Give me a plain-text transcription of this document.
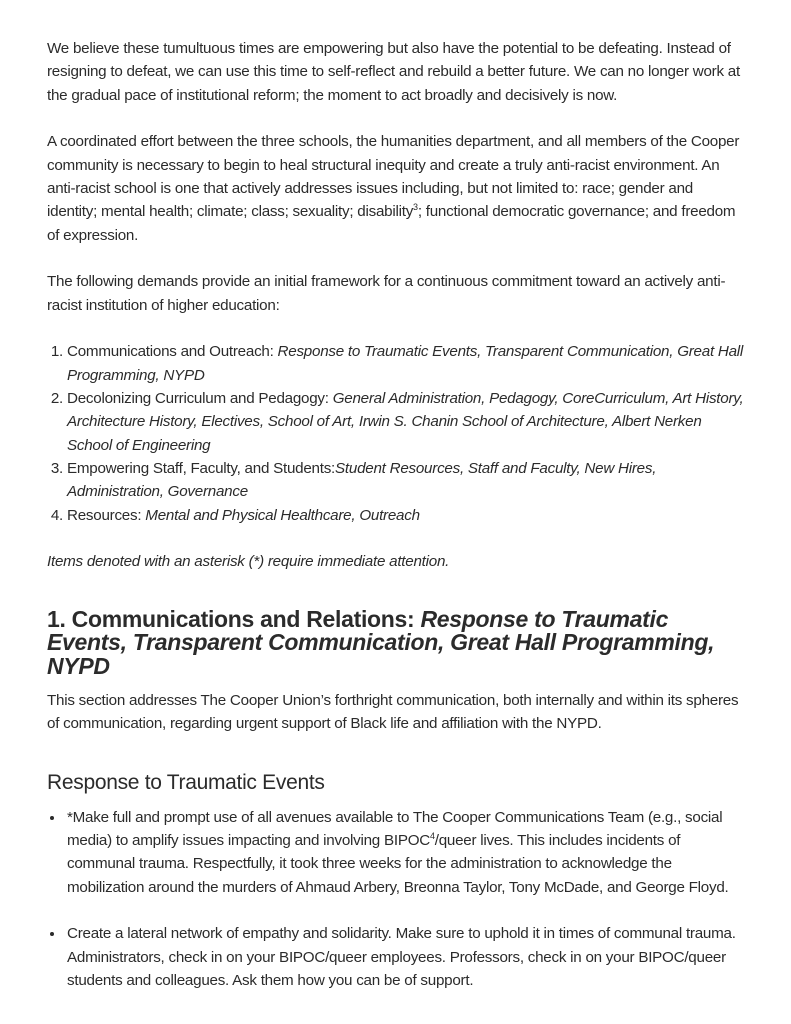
We believe these tumultuous times are empowering but also have the potential to be defeating. Instead of resigning to defeat, we can use this time to self-reflect and rebuild a better future. We can no longer work at the gradual pace of institutional reform; the moment to act broadly and decisively is now.

A coordinated effort between the three schools, the humanities department, and all members of the Cooper community is necessary to begin to heal structural inequity and create a truly anti-racist environment. An anti-racist school is one that actively addresses issues including, but not limited to: race; gender and identity; mental health; climate; class; sexuality; disability$^3$; functional democratic governance; and freedom of expression.

The following demands provide an initial framework for a continuous commitment toward an actively anti-racist institution of higher education:

1. Communications and Outreach: Response to Traumatic Events, Transparent Communication, Great Hall Programming, NYPD
2. Decolonizing Curriculum and Pedagogy: General Administration, Pedagogy, CoreCurriculum, Art History, Architecture History, Electives, School of Art, Irwin S. Chanin School of Architecture, Albert Nerken School of Engineering
3. Empowering Staff, Faculty, and Students:Student Resources, Staff and Faculty, New Hires, Administration, Governance
4. Resources: Mental and Physical Healthcare, Outreach

Items denoted with an asterisk (*) require immediate attention.

1. Communications and Relations: Response to Traumatic Events, Transparent Communication, Great Hall Programming, NYPD

This section addresses The Cooper Union’s forthright communication, both internally and within its spheres of communication, regarding urgent support of Black life and affiliation with the NYPD.

Response to Traumatic Events
*Make full and prompt use of all avenues available to The Cooper Communications Team (e.g., social media) to amplify issues impacting and involving BIPOC$^4$/queer lives. This includes incidents of communal trauma. Respectfully, it took three weeks for the administration to acknowledge the mobilization around the murders of Ahmaud Arbery, Breonna Taylor, Tony McDade, and George Floyd.
Create a lateral network of empathy and solidarity. Make sure to uphold it in times of communal trauma. Administrators, check in on your BIPOC/queer employees. Professors, check in on your BIPOC/queer students and colleagues. Ask them how you can be of support.
